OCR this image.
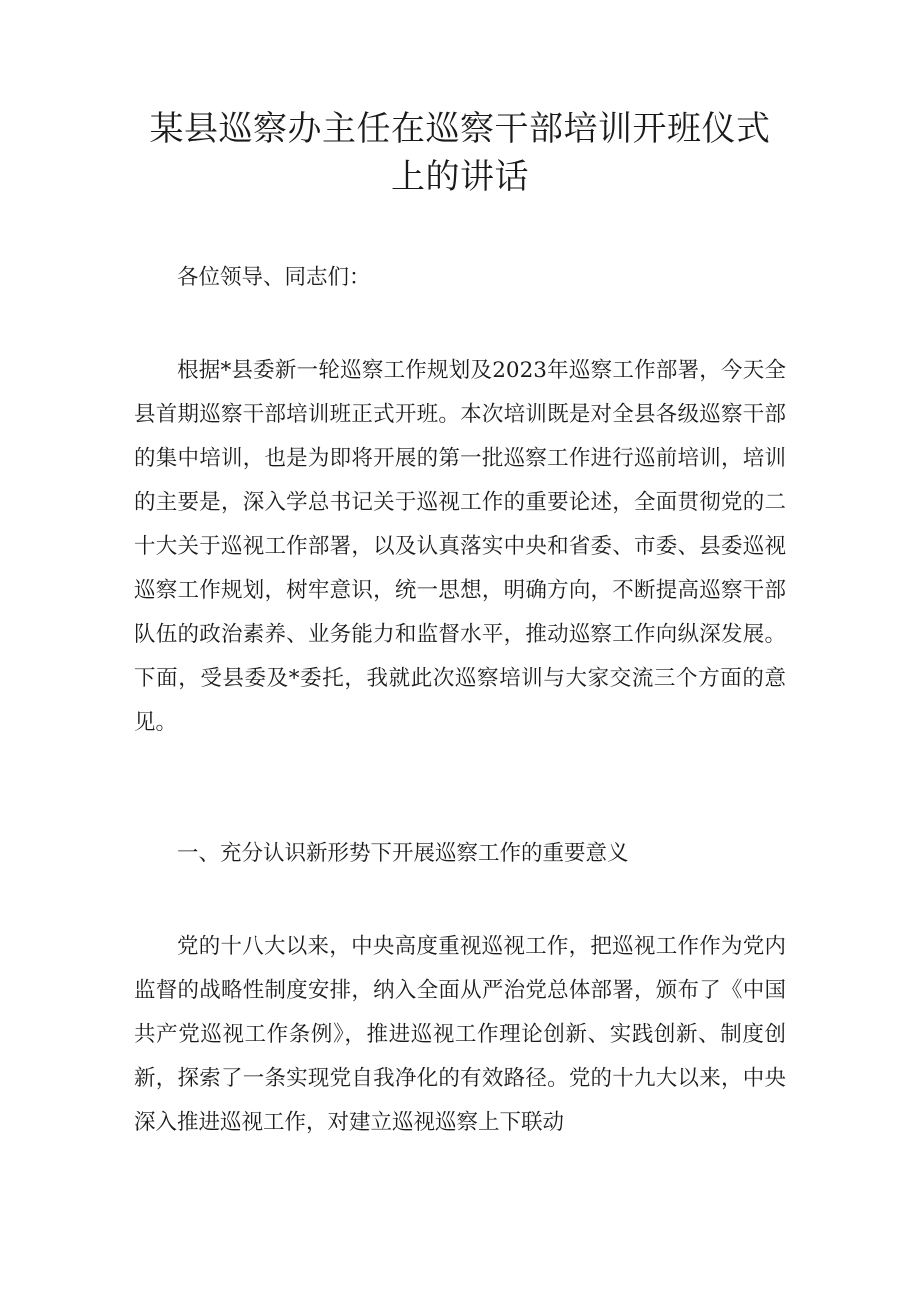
某县巡察办主任在巡察干部培训开班仪式
上的讲话
各位领导、同志们：
根据*县委新一轮巡察工作规划及2023年巡察工作部署，今天全县首期巡察干部培训班正式开班。本次培训既是对全县各级巡察干部的集中培训，也是为即将开展的第一批巡察工作进行巡前培训，培训的主要是，深入学总书记关于巡视工作的重要论述，全面贯彻党的二十大关于巡视工作部署，以及认真落实中央和省委、市委、县委巡视巡察工作规划，树牢意识，统一思想，明确方向，不断提高巡察干部队伍的政治素养、业务能力和监督水平，推动巡察工作向纵深发展。下面，受县委及*委托，我就此次巡察培训与大家交流三个方面的意见。
一、充分认识新形势下开展巡察工作的重要意义
党的十八大以来，中央高度重视巡视工作，把巡视工作作为党内监督的战略性制度安排，纳入全面从严治党总体部署，颁布了《中国共产党巡视工作条例》，推进巡视工作理论创新、实践创新、制度创新，探索了一条实现党自我净化的有效路径。党的十九大以来，中央深入推进巡视工作，对建立巡视巡察上下联动
